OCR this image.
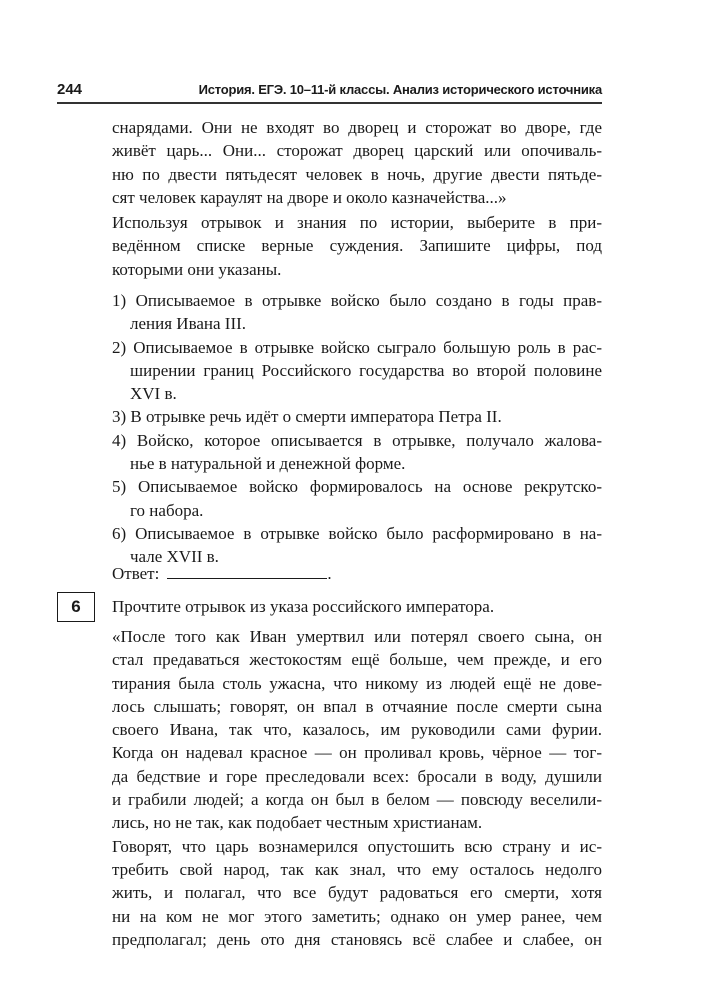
244	История. ЕГЭ. 10–11-й классы. Анализ исторического источника
снарядами. Они не входят во дворец и сторожат во дворе, где
живёт царь... Они... сторожат дворец царский или опочиваль-
ню по двести пятьдесят человек в ночь, другие двести пятьде-
сят человек караулят на дворе и около казначейства...»
Используя отрывок и знания по истории, выберите в при-
ведённом списке верные суждения. Запишите цифры, под
которыми они указаны.
1) Описываемое в отрывке войско было создано в годы прав-
ления Ивана III.
2) Описываемое в отрывке войско сыграло большую роль в рас-
ширении границ Российского государства во второй половине
XVI в.
3) В отрывке речь идёт о смерти императора Петра II.
4) Войско, которое описывается в отрывке, получало жалова-
нье в натуральной и денежной форме.
5) Описываемое войско формировалось на основе рекрутско-
го набора.
6) Описываемое в отрывке войско было расформировано в на-
чале XVII в.
Ответ:	.
6	Прочтите отрывок из указа российского императора.
«После того как Иван умертвил или потерял своего сына, он
стал предаваться жестокостям ещё больше, чем прежде, и его
тирания была столь ужасна, что никому из людей ещё не дове-
лось слышать; говорят, он впал в отчаяние после смерти сына
своего Ивана, так что, казалось, им руководили сами фурии.
Когда он надевал красное — он проливал кровь, чёрное — тог-
да бедствие и горе преследовали всех: бросали в воду, душили
и грабили людей; а когда он был в белом — повсюду веселили-
лись, но не так, как подобает честным христианам.
Говорят, что царь вознамерился опустошить всю страну и ис-
требить свой народ, так как знал, что ему осталось недолго
жить, и полагал, что все будут радоваться его смерти, хотя
ни на ком не мог этого заметить; однако он умер ранее, чем
предполагал; день ото дня становясь всё слабее и слабее, он
